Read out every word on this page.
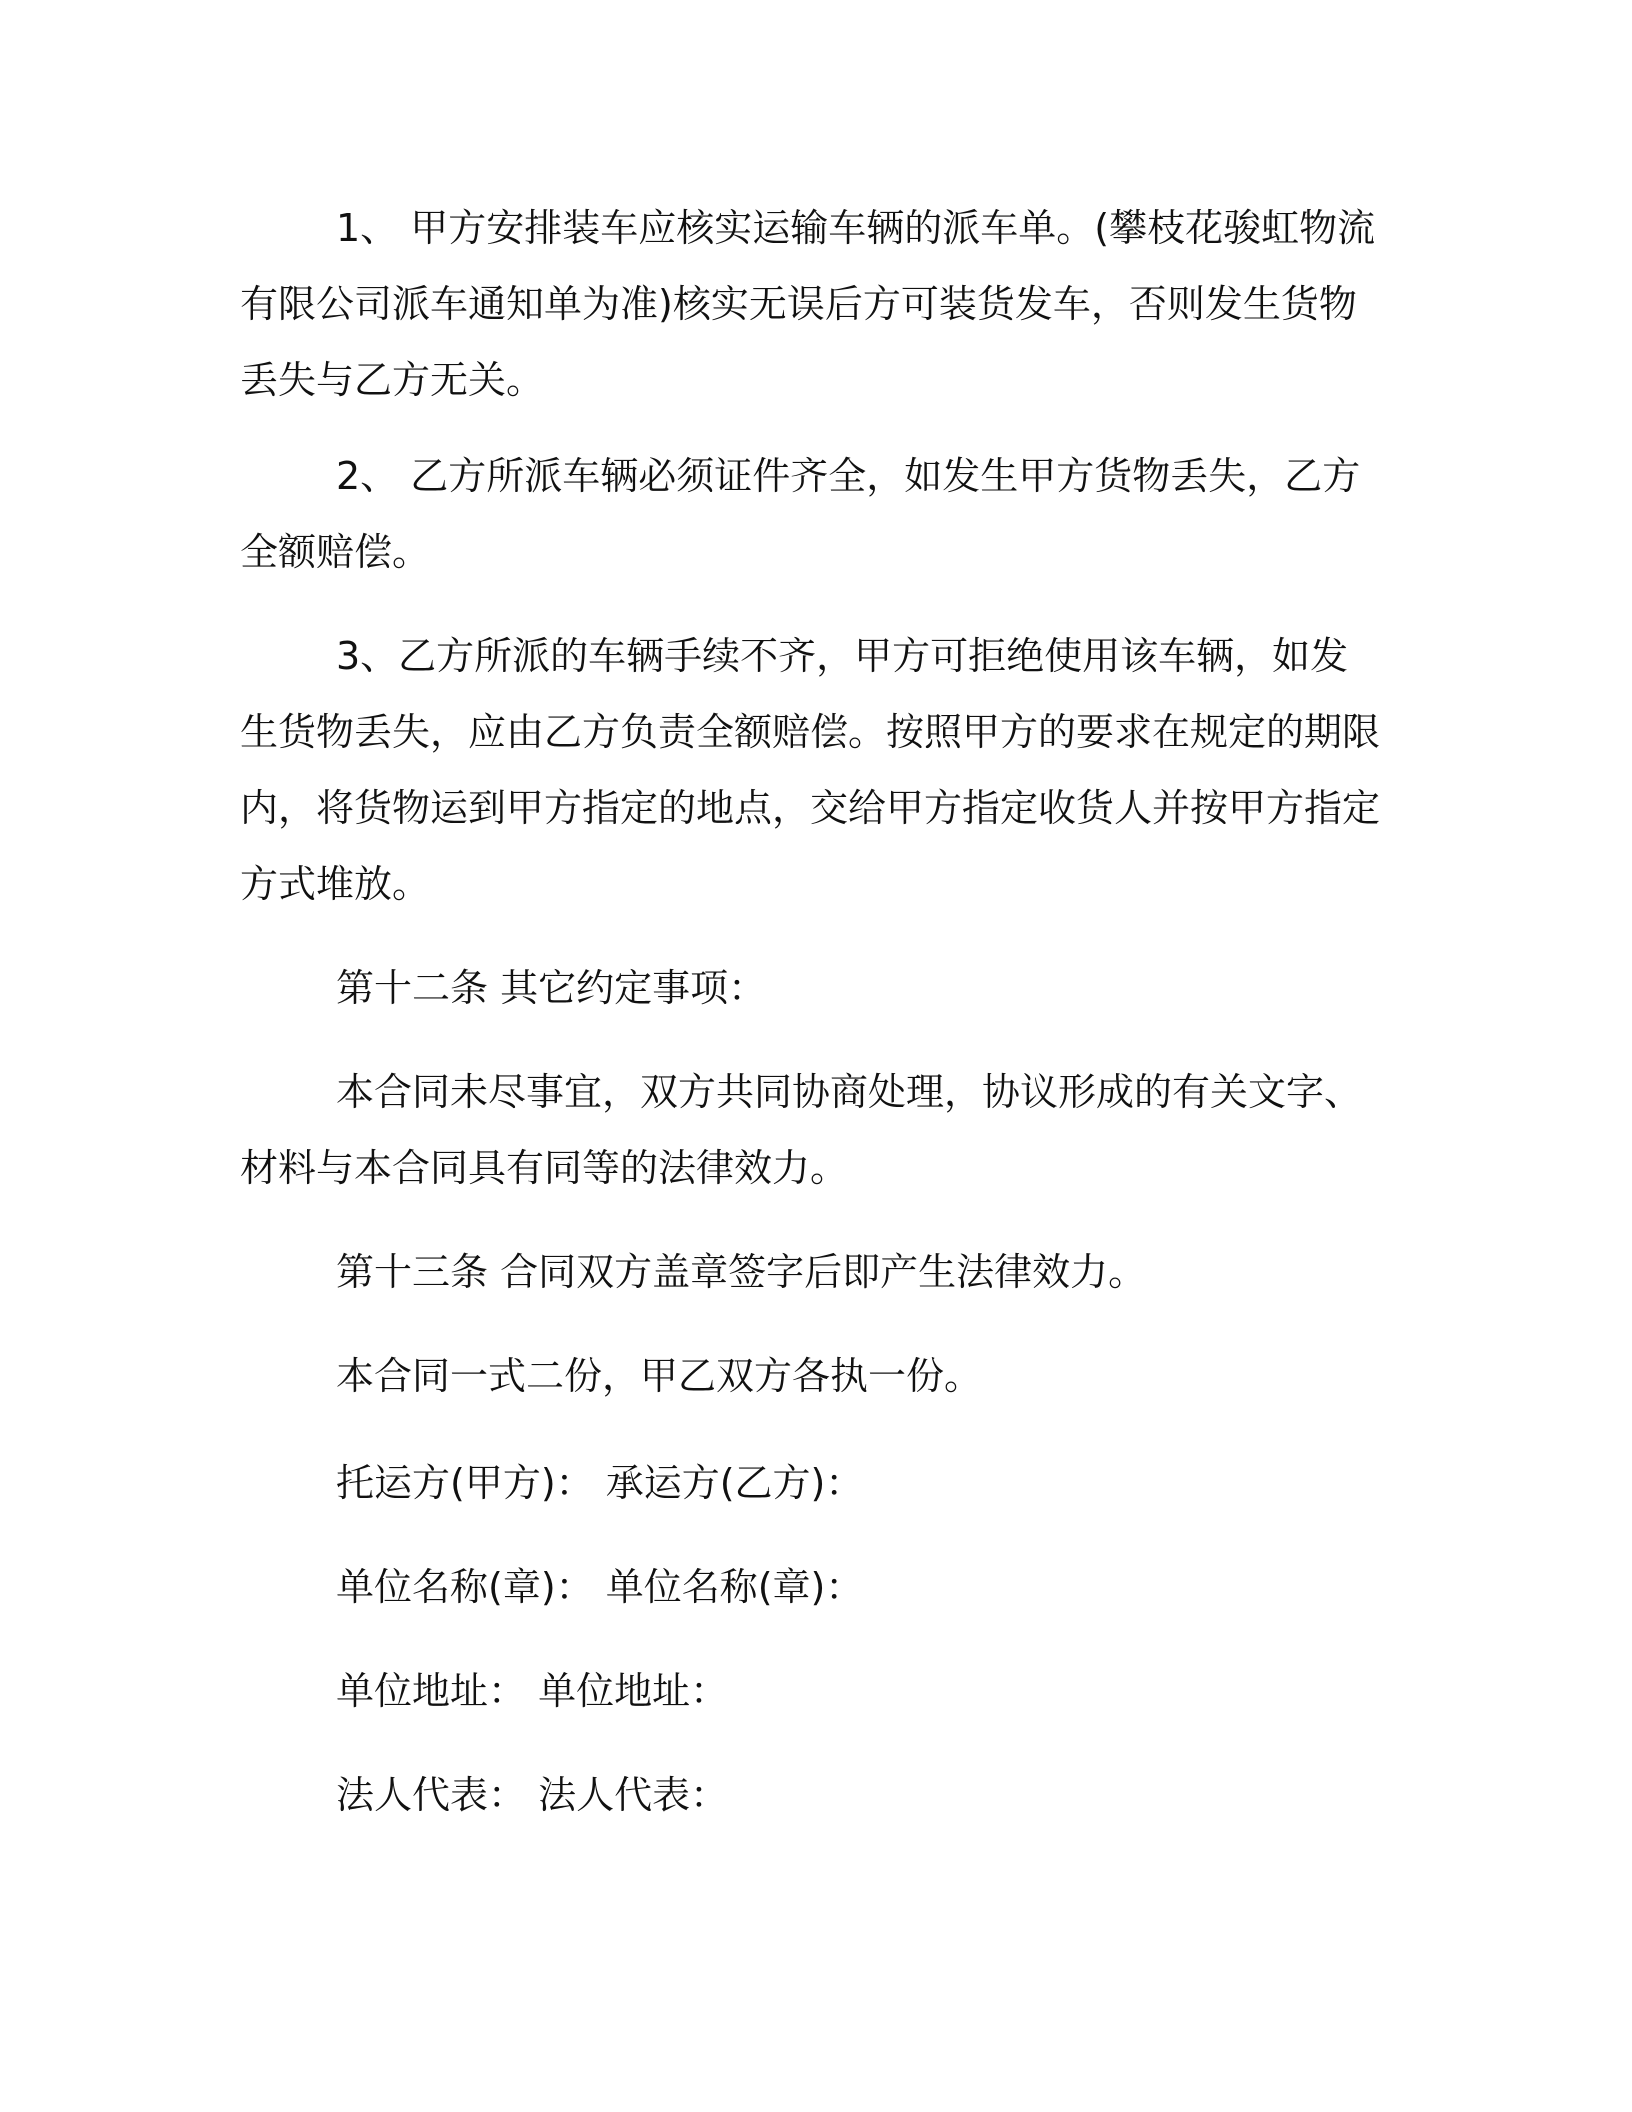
1、 甲方安排装车应核实运输车辆的派车单。(攀枝花骏虹物流有限公司派车通知单为准)核实无误后方可装货发车，否则发生货物丢失与乙方无关。

2、 乙方所派车辆必须证件齐全，如发生甲方货物丢失，乙方全额赔偿。

3、乙方所派的车辆手续不齐，甲方可拒绝使用该车辆，如发生货物丢失，应由乙方负责全额赔偿。按照甲方的要求在规定的期限内，将货物运到甲方指定的地点，交给甲方指定收货人并按甲方指定方式堆放。

第十二条 其它约定事项：

本合同未尽事宜，双方共同协商处理，协议形成的有关文字、材料与本合同具有同等的法律效力。

第十三条 合同双方盖章签字后即产生法律效力。

本合同一式二份，甲乙双方各执一份。

托运方(甲方)： 承运方(乙方)：

单位名称(章)： 单位名称(章)：

单位地址： 单位地址：

法人代表： 法人代表：
